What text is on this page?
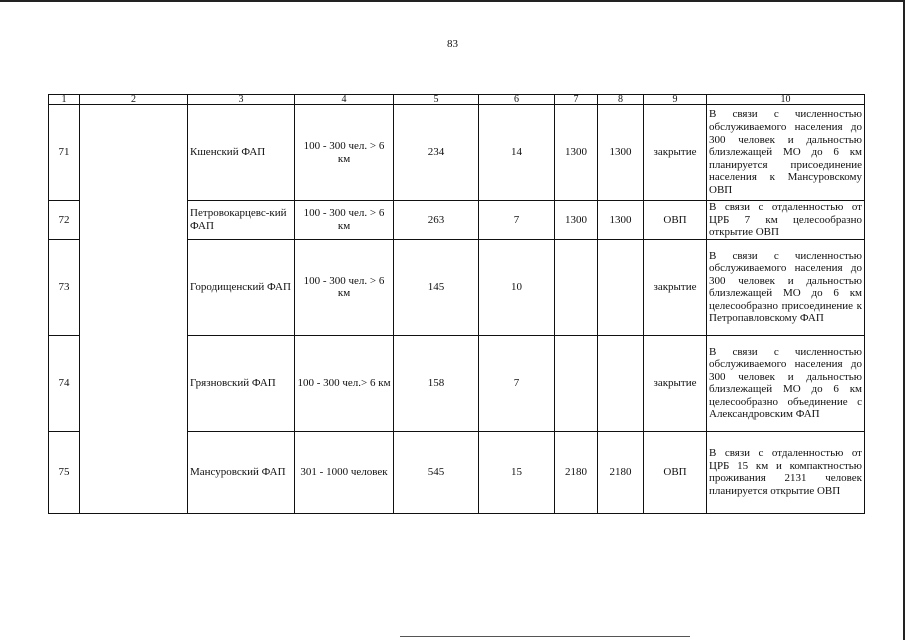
83
1	2	3	4	5	6	7	8	9	10
71		Кшенский ФАП	100 - 300 чел. > 6 км	234	14	1300	1300	закрытие	В связи с численностью обслуживаемого населения до 300 человек и дальностью близлежащей МО до 6 км планируется присоединение населения к Мансуровскому ОВП
72		Петровокарцевс-кий ФАП	100 - 300 чел. > 6 км	263	7	1300	1300	ОВП	В связи с отдаленностью от ЦРБ 7 км целесообразно открытие ОВП
73		Городищенский ФАП	100 - 300 чел. > 6 км	145	10			закрытие	В связи с численностью обслуживаемого населения до 300 человек и дальностью близлежащей МО до 6 км целесообразно присоединение к Петропавловскому ФАП
74		Грязновский ФАП	100 - 300 чел.> 6 км	158	7			закрытие	В связи с численностью обслуживаемого населения до 300 человек и дальностью близлежащей МО до 6 км целесообразно объединение с Александровским ФАП
75		Мансуровский ФАП	301 - 1000 человек	545	15	2180	2180	ОВП	В связи с отдаленностью от ЦРБ 15 км и компактностью проживания 2131 человек планируется открытие ОВП
